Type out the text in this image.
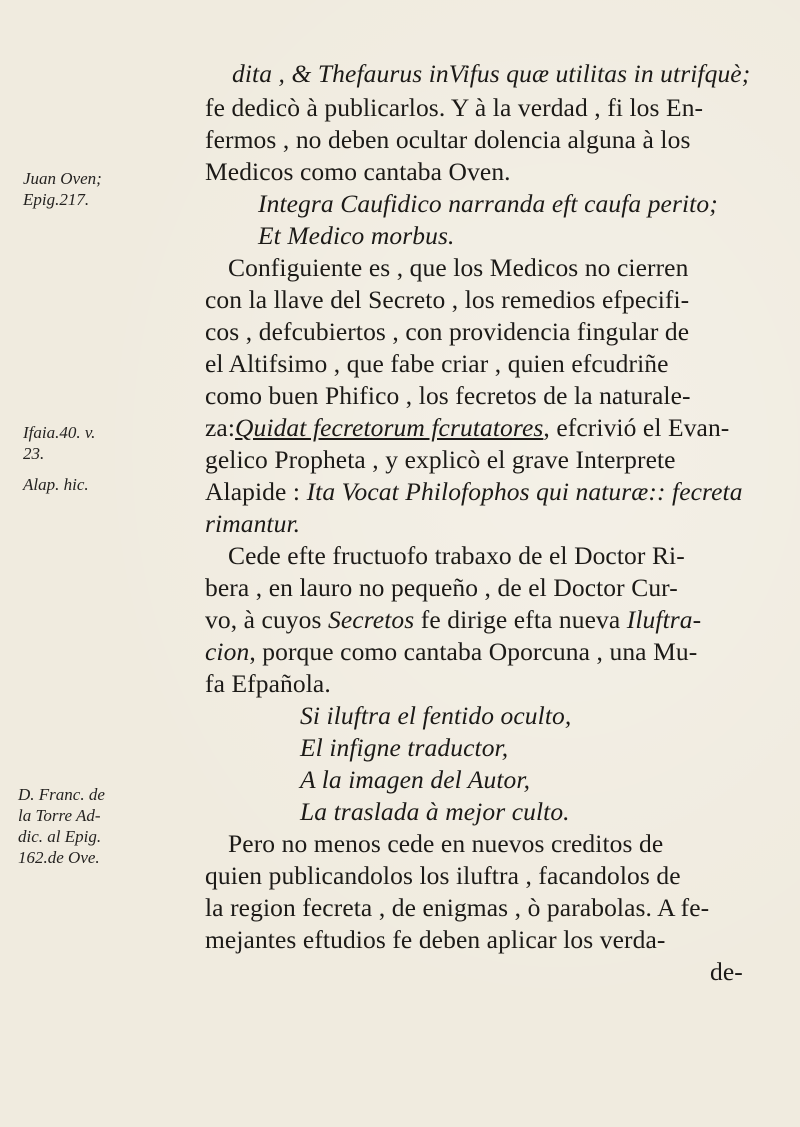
Juan Oven;
Epig.217.
Ifaia.40. v.
23.
Alap. hic.
D. Franc. de
la Torre Ad-
dic. al Epig.
162.de Ove.
dita , & Thefaurus inVifus quæ utilitas in utrifquè;
fe dedicò à publicarlos. Y à la verdad , fi los En-
fermos , no deben ocultar dolencia alguna à los
Medicos como cantaba Oven.
Integra Caufidico narranda eft caufa perito;
Et Medico morbus.
Configuiente es , que los Medicos no cierren
con la llave del Secreto , los remedios efpecifi-
cos , defcubiertos , con providencia fingular de
el Altifsimo , que fabe criar , quien efcudriñe
como buen Phifico , los fecretos de la naturale-
za:Quidat fecretorum fcrutatores, efcrivió el Evan-
gelico Propheta , y explicò el grave Interprete
Alapide : Ita Vocat Philofophos qui naturæ:: fecreta
rimantur.
Cede efte fructuofo trabaxo de el Doctor Ri-
bera , en lauro no pequeño , de el Doctor Cur-
vo, à cuyos Secretos fe dirige efta nueva Iluftra-
cion, porque como cantaba Oporcuna , una Mu-
fa Efpañola.
Si iluftra el fentido oculto,
El infigne traductor,
A la imagen del Autor,
La traslada à mejor culto.
Pero no menos cede en nuevos creditos de
quien publicandolos los iluftra , facandolos de
la region fecreta , de enigmas , ò parabolas. A fe-
mejantes eftudios fe deben aplicar los verda-
de-
